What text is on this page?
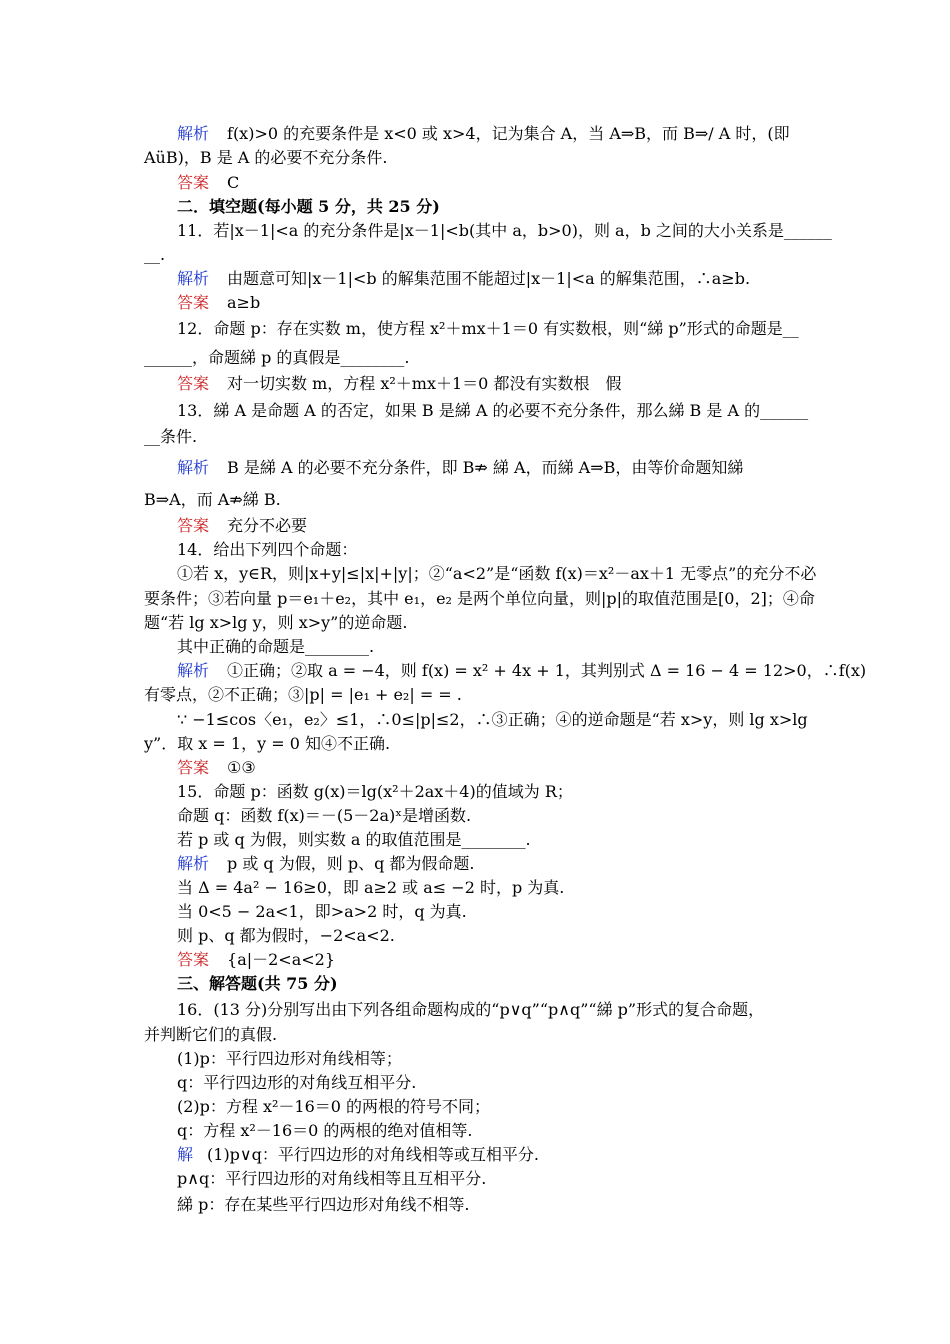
解析 f(x)>0 的充要条件是 x<0 或 x>4，记为集合 A，当 A⇒B，而 B⇒/ A 时，(即
AüB)，B 是 A 的必要不充分条件.
答案 C
二．填空题(每小题 5 分，共 25 分)
11．若|x－1|<a 的充分条件是|x－1|<b(其中 a，b>0)，则 a，b 之间的大小关系是______
__.
解析 由题意可知|x－1|<b 的解集范围不能超过|x－1|<a 的解集范围，∴a≥b.
答案 a≥b
12．命题 p：存在实数 m，使方程 x²＋mx＋1＝0 有实数根，则“綈 p”形式的命题是__
______，命题綈 p 的真假是________.
答案 对一切实数 m，方程 x²＋mx＋1＝0 都没有实数根　假
13．綈 A 是命题 A 的否定，如果 B 是綈 A 的必要不充分条件，那么綈 B 是 A 的______
__条件.
解析 B 是綈 A 的必要不充分条件，即 B⇏ 綈 A，而綈 A⇒B，由等价命题知綈
B⇒A，而 A⇏綈 B.
答案 充分不必要
14．给出下列四个命题：
①若 x，y∈R，则|x+y|≤|x|+|y|；②“a<2”是“函数 f(x)＝x²－ax＋1 无零点”的充分不必
要条件；③若向量 p＝e₁＋e₂，其中 e₁，e₂ 是两个单位向量，则|p|的取值范围是[0，2]；④命
题“若 lg x>lg y，则 x>y”的逆命题.
其中正确的命题是________.
解析 ①正确；②取 a = −4，则 f(x) = x² + 4x + 1，其判别式 Δ = 16 − 4 = 12>0，∴f(x)
有零点，②不正确；③|p| = |e₁ + e₂| = = .
∵ −1≤cos〈e₁，e₂〉≤1，∴0≤|p|≤2，∴③正确；④的逆命题是“若 x>y，则 lg x>lg
y”．取 x = 1，y = 0 知④不正确.
答案 ①③
15．命题 p：函数 g(x)＝lg(x²＋2ax＋4)的值域为 R；
命题 q：函数 f(x)＝－(5－2a)ˣ是增函数.
若 p 或 q 为假，则实数 a 的取值范围是________.
解析 p 或 q 为假，则 p、q 都为假命题.
当 Δ = 4a² − 16≥0，即 a≥2 或 a≤ −2 时，p 为真.
当 0<5 − 2a<1，即>a>2 时，q 为真.
则 p、q 都为假时，−2<a<2.
答案 {a|－2<a<2}
三、解答题(共 75 分)
16．(13 分)分别写出由下列各组命题构成的“p∨q”“p∧q”“綈 p”形式的复合命题，
并判断它们的真假.
(1)p：平行四边形对角线相等；
q：平行四边形的对角线互相平分.
(2)p：方程 x²－16＝0 的两根的符号不同；
q：方程 x²－16＝0 的两根的绝对值相等.
解 (1)p∨q：平行四边形的对角线相等或互相平分.
p∧q：平行四边形的对角线相等且互相平分.
綈 p：存在某些平行四边形对角线不相等.
